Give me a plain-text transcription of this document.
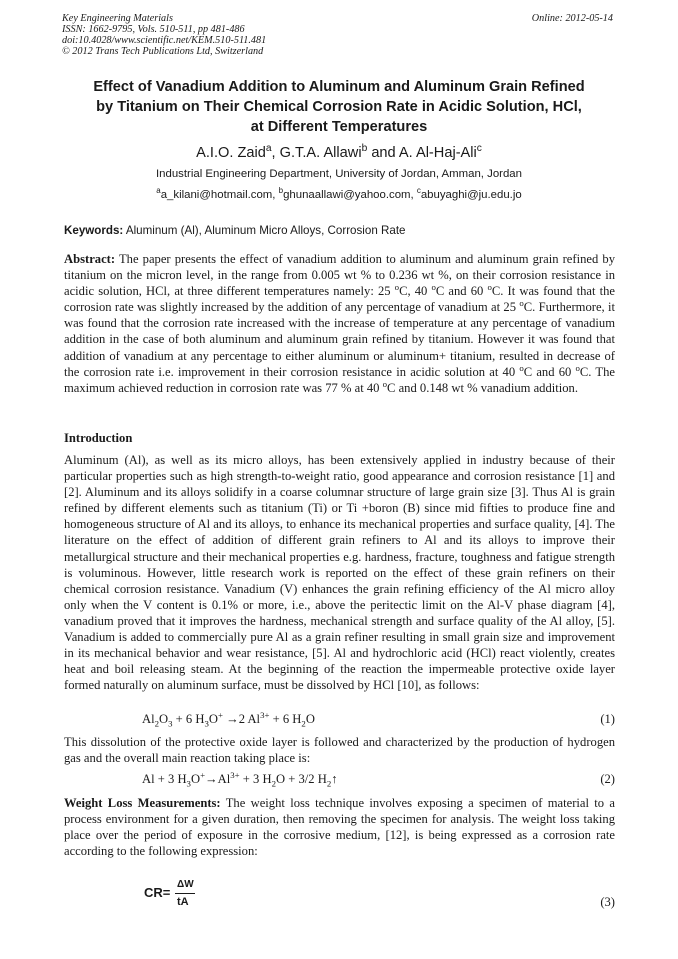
Key Engineering Materials
ISSN: 1662-9795, Vols. 510-511, pp 481-486
doi:10.4028/www.scientific.net/KEM.510-511.481
© 2012 Trans Tech Publications Ltd, Switzerland
Online: 2012-05-14
Effect of Vanadium Addition to Aluminum and Aluminum Grain Refined
by Titanium on Their Chemical Corrosion Rate in Acidic Solution, HCl,
at Different Temperatures
A.I.O. Zaid$^a$, G.T.A. Allawi$^b$ and A. Al-Haj-Ali$^c$
Industrial Engineering Department, University of Jordan, Amman, Jordan
$^a$a_kilani@hotmail.com, $^b$ghunaallawi@yahoo.com, $^c$abuyaghi@ju.edu.jo
Keywords: Aluminum (Al), Aluminum Micro Alloys, Corrosion Rate
Abstract: The paper presents the effect of vanadium addition to aluminum and aluminum grain refined by titanium on the micron level, in the range from 0.005 wt % to 0.236 wt %, on their corrosion resistance in acidic solution, HCl, at three different temperatures namely: 25 $^o$C, 40 $^o$C and 60 $^o$C. It was found that the corrosion rate was slightly increased by the addition of any percentage of vanadium at 25 $^o$C. Furthermore, it was found that the corrosion rate increased with the increase of temperature at any percentage of vanadium addition in the case of both aluminum and aluminum grain refined by titanium. However it was found that addition of vanadium at any percentage to either aluminum or aluminum+ titanium, resulted in decrease of the corrosion rate i.e. improvement in their corrosion resistance in acidic solution at 40 $^o$C and 60 $^o$C. The maximum achieved reduction in corrosion rate was 77 % at 40 $^o$C and 0.148 wt % vanadium addition.
Introduction
Aluminum (Al), as well as its micro alloys, has been extensively applied in industry because of their particular properties such as high strength-to-weight ratio, good appearance and corrosion resistance [1] and [2]. Aluminum and its alloys solidify in a coarse columnar structure of large grain size [3]. Thus Al is grain refined by different elements such as titanium (Ti) or Ti +boron (B) since mid fifties to produce fine and homogeneous structure of Al and its alloys, to enhance its mechanical properties and surface quality, [4]. The literature on the effect of addition of different grain refiners to Al and its alloys to improve their metallurgical structure and their mechanical properties e.g. hardness, fracture, toughness and fatigue strength is voluminous. However, little research work is reported on the effect of these grain refiners on their chemical corrosion resistance. Vanadium (V) enhances the grain refining efficiency of the Al micro alloy only when the V content is 0.1% or more, i.e., above the peritectic limit on the Al-V phase diagram [4], vanadium proved that it improves the hardness, mechanical strength and surface quality of the Al alloy, [5]. Vanadium is added to commercially pure Al as a grain refiner resulting in small grain size and improvement in its mechanical behavior and wear resistance, [5]. Al and hydrochloric acid (HCl) react violently, creates heat and boil releasing steam. At the beginning of the reaction the impermeable protective oxide layer formed naturally on aluminum surface, must be dissolved by HCl [10], as follows:
$Al_2O_3 + 6$ $H_3O^+ \to 2$ $Al^{3+} + 6$ $H_2O$	(1)
This dissolution of the protective oxide layer is followed and characterized by the production of hydrogen gas and the overall main reaction taking place is:
Al + 3 $H_3O^+\to Al^{3+} + 3$ $H_2O + 3/2$ $H_2↑$	(2)
Weight Loss Measurements: The weight loss technique involves exposing a specimen of material to a process environment for a given duration, then removing the specimen for analysis. The weight loss taking place over the period of exposure in the corrosive medium, [12], is being expressed as a corrosion rate according to the following expression:
CR=
ΔW
tA	(3)
